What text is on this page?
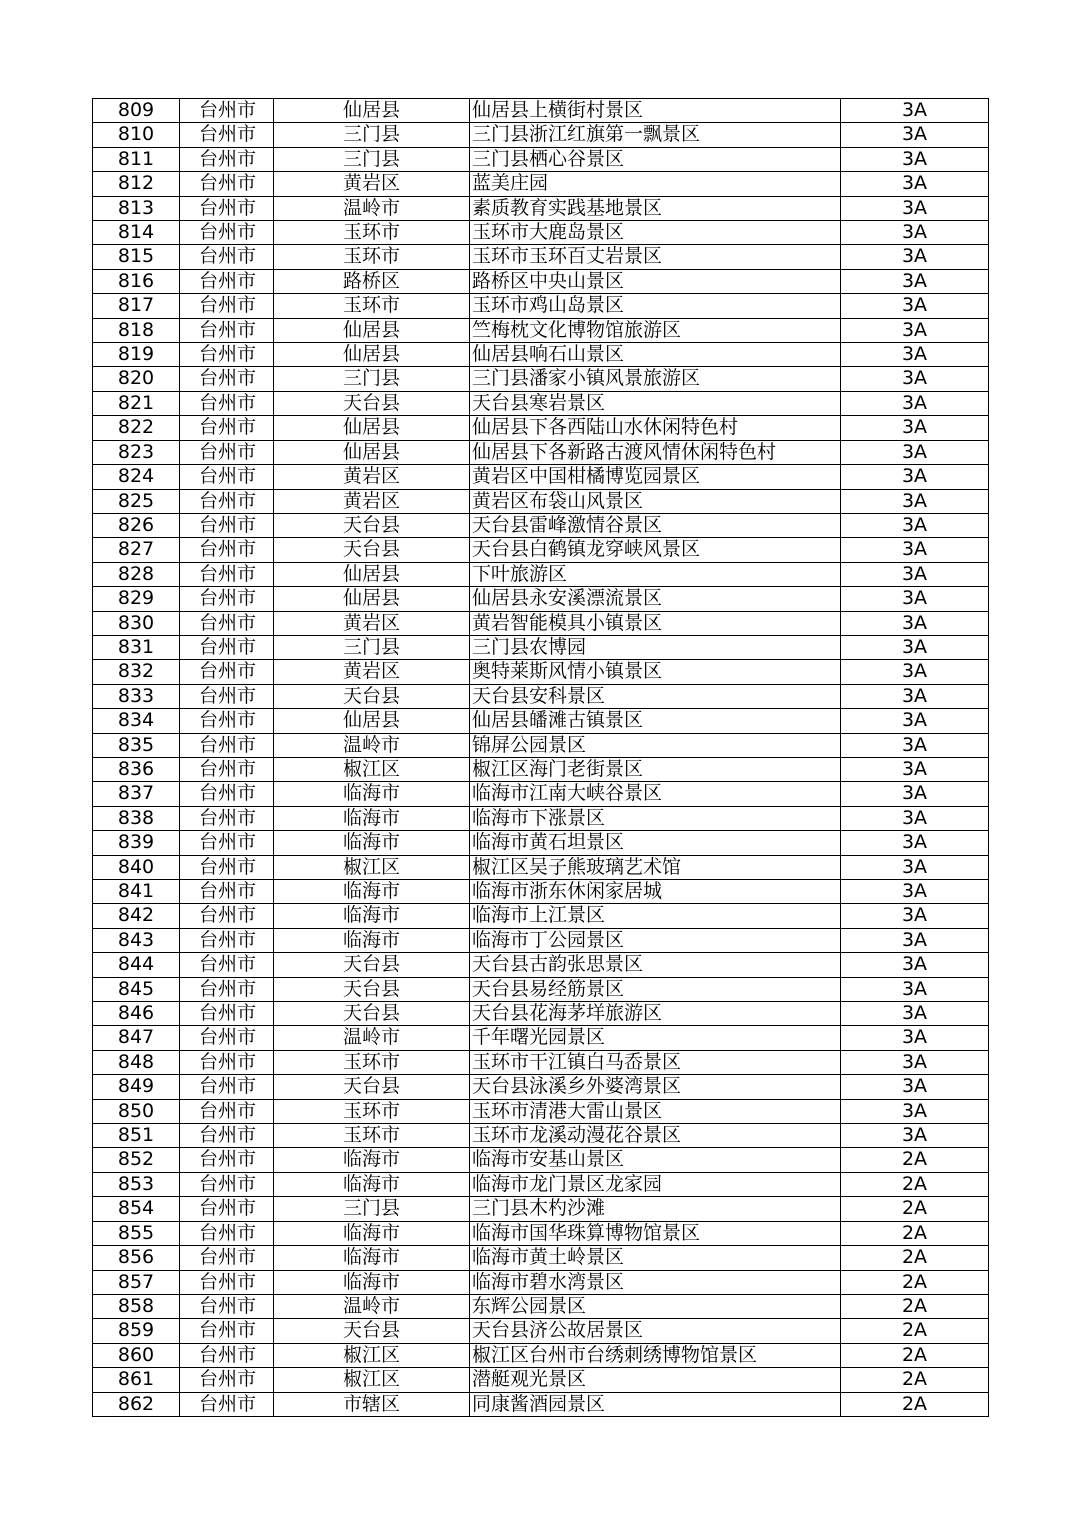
809	台州市	仙居县	仙居县上横街村景区	3A
810	台州市	三门县	三门县浙江红旗第一飘景区	3A
811	台州市	三门县	三门县栖心谷景区	3A
812	台州市	黄岩区	蓝美庄园	3A
813	台州市	温岭市	素质教育实践基地景区	3A
814	台州市	玉环市	玉环市大鹿岛景区	3A
815	台州市	玉环市	玉环市玉环百丈岩景区	3A
816	台州市	路桥区	路桥区中央山景区	3A
817	台州市	玉环市	玉环市鸡山岛景区	3A
818	台州市	仙居县	竺梅枕文化博物馆旅游区	3A
819	台州市	仙居县	仙居县响石山景区	3A
820	台州市	三门县	三门县潘家小镇风景旅游区	3A
821	台州市	天台县	天台县寒岩景区	3A
822	台州市	仙居县	仙居县下各西陆山水休闲特色村	3A
823	台州市	仙居县	仙居县下各新路古渡风情休闲特色村	3A
824	台州市	黄岩区	黄岩区中国柑橘博览园景区	3A
825	台州市	黄岩区	黄岩区布袋山风景区	3A
826	台州市	天台县	天台县雷峰激情谷景区	3A
827	台州市	天台县	天台县白鹤镇龙穿峡风景区	3A
828	台州市	仙居县	下叶旅游区	3A
829	台州市	仙居县	仙居县永安溪漂流景区	3A
830	台州市	黄岩区	黄岩智能模具小镇景区	3A
831	台州市	三门县	三门县农博园	3A
832	台州市	黄岩区	奥特莱斯风情小镇景区	3A
833	台州市	天台县	天台县安科景区	3A
834	台州市	仙居县	仙居县皤滩古镇景区	3A
835	台州市	温岭市	锦屏公园景区	3A
836	台州市	椒江区	椒江区海门老街景区	3A
837	台州市	临海市	临海市江南大峡谷景区	3A
838	台州市	临海市	临海市下涨景区	3A
839	台州市	临海市	临海市黄石坦景区	3A
840	台州市	椒江区	椒江区吴子熊玻璃艺术馆	3A
841	台州市	临海市	临海市浙东休闲家居城	3A
842	台州市	临海市	临海市上江景区	3A
843	台州市	临海市	临海市丁公园景区	3A
844	台州市	天台县	天台县古韵张思景区	3A
845	台州市	天台县	天台县易经筋景区	3A
846	台州市	天台县	天台县花海茅垟旅游区	3A
847	台州市	温岭市	千年曙光园景区	3A
848	台州市	玉环市	玉环市干江镇白马岙景区	3A
849	台州市	天台县	天台县泳溪乡外婆湾景区	3A
850	台州市	玉环市	玉环市清港大雷山景区	3A
851	台州市	玉环市	玉环市龙溪动漫花谷景区	3A
852	台州市	临海市	临海市安基山景区	2A
853	台州市	临海市	临海市龙门景区龙家园	2A
854	台州市	三门县	三门县木杓沙滩	2A
855	台州市	临海市	临海市国华珠算博物馆景区	2A
856	台州市	临海市	临海市黄土岭景区	2A
857	台州市	临海市	临海市碧水湾景区	2A
858	台州市	温岭市	东辉公园景区	2A
859	台州市	天台县	天台县济公故居景区	2A
860	台州市	椒江区	椒江区台州市台绣刺绣博物馆景区	2A
861	台州市	椒江区	潜艇观光景区	2A
862	台州市	市辖区	同康酱酒园景区	2A
